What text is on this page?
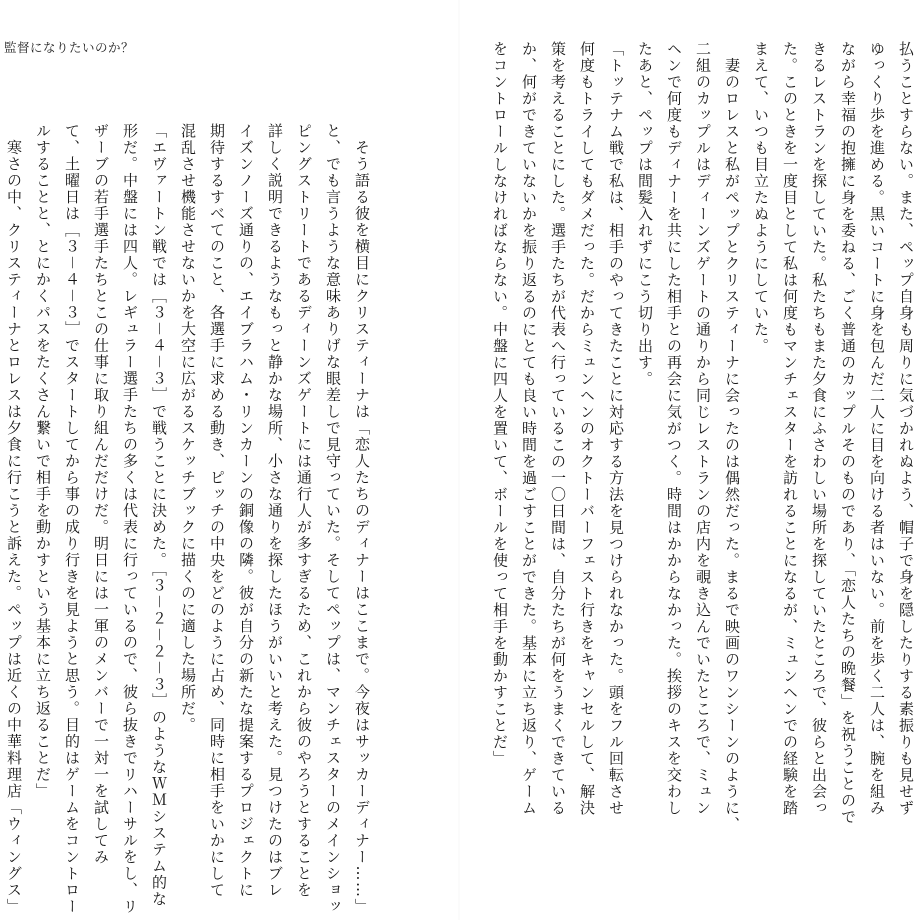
監督になりたいのか？	払うことすらない。また、ペップ自身も周りに気づかれぬよう、帽子で身を隠したりする素振りも見せず

ゆっくり歩を進める。黒いコートに身を包んだ二人に目を向ける者はいない。前を歩く二人は、腕を組み

ながら幸福の抱擁に身を委ねる、ごく普通のカップルそのものであり、「恋人たちの晩餐」を祝うことので

きるレストランを探していた。私たちもまた夕食にふさわしい場所を探していたところで、彼らと出会っ

た。このときを一度目として私は何度もマンチェスターを訪れることになるが、ミュンヘンでの経験を踏

まえて、いつも目立たぬようにしていた。

　妻のロレスと私がペップとクリスティーナに会ったのは偶然だった。まるで映画のワンシーンのように、

二組のカップルはディーンズゲートの通りから同じレストランの店内を覗き込んでいたところで、ミュン

ヘンで何度もディナーを共にした相手との再会に気がつく。時間はかからなかった。挨拶のキスを交わし

たあと、ペップは間髪入れずにこう切り出す。

「トッテナム戦で私は、相手のやってきたことに対応する方法を見つけられなかった。頭をフル回転させ

何度もトライしてもダメだった。だからミュンヘンのオクトーバーフェスト行きをキャンセルして、解決

策を考えることにした。選手たちが代表へ行っているこの一〇日間は、自分たちが何をうまくできている

か、何ができていないかを振り返るのにとても良い時間を過ごすことができた。基本に立ち返り、ゲーム

をコントロールしなければならない。中盤に四人を置いて、ボールを使って相手を動かすことだ」

　そう語る彼を横目にクリスティーナは「恋人たちのディナーはここまで。今夜はサッカーディナー……」

と、でも言うような意味ありげな眼差しで見守っていた。そしてペップは、マンチェスターのメインショッ

ピングストリートであるディーンズゲートには通行人が多すぎるため、これから彼のやろうとすることを

詳しく説明できるようなもっと静かな場所、小さな通りを探したほうがいいと考えた。見つけたのはブレ

イズンノーズ通りの、エイブラハム・リンカーンの銅像の隣。彼が自分の新たな提案するプロジェクトに

期待するすべてのこと、各選手に求める動き、ピッチの中央をどのように占め、同時に相手をいかにして

混乱させ機能させないかを大空に広がるスケッチブックに描くのに適した場所だ。

「エヴァートン戦では［３－４－３］で戦うことに決めた。［３－２－２－３］のようなＷＭシステム的な

形だ。中盤には四人。レギュラー選手たちの多くは代表に行っているので、彼ら抜きでリハーサルをし、リ

ザーブの若手選手たちとこの仕事に取り組んだだけだ。明日には一軍のメンバーで一対一を試してみ

て、土曜日は［３－４－３］でスタートしてから事の成り行きを見ようと思う。目的はゲームをコントロー

ルすることと、とにかくパスをたくさん繋いで相手を動かすという基本に立ち返ることだ」

　寒さの中、クリスティーナとロレスは夕食に行こうと訴えた。ペップは近くの中華料理店「ウィングス」
